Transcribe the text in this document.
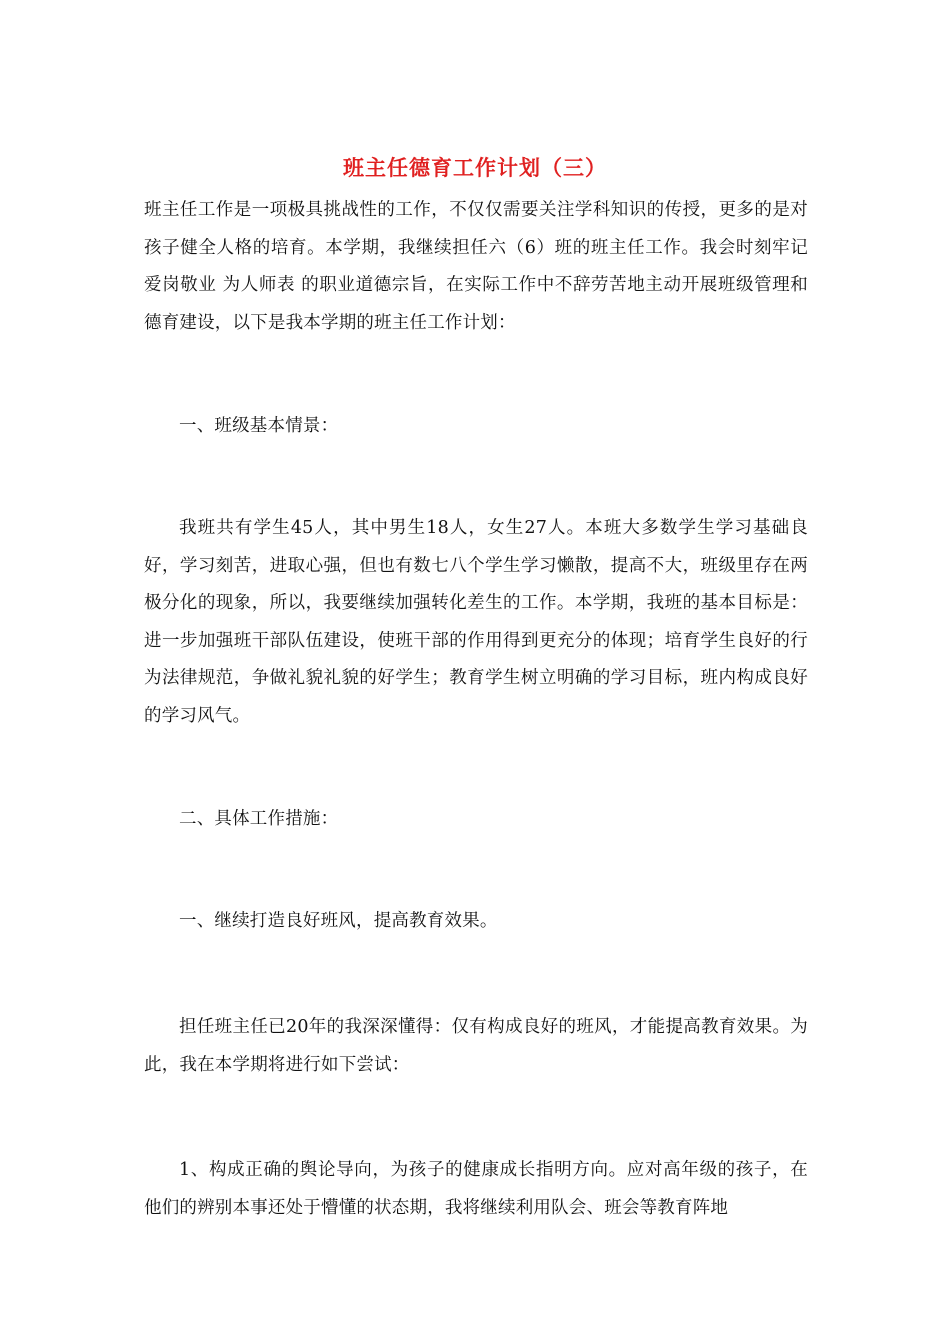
班主任德育工作计划（三）

班主任工作是一项极具挑战性的工作，不仅仅需要关注学科知识的传授，更多的是对孩子健全人格的培育。本学期，我继续担任六（6）班的班主任工作。我会时刻牢记 爱岗敬业 为人师表 的职业道德宗旨，在实际工作中不辞劳苦地主动开展班级管理和德育建设，以下是我本学期的班主任工作计划：

一、班级基本情景：

我班共有学生45人，其中男生18人，女生27人。本班大多数学生学习基础良好，学习刻苦，进取心强，但也有数七八个学生学习懒散，提高不大，班级里存在两极分化的现象，所以，我要继续加强转化差生的工作。本学期，我班的基本目标是：进一步加强班干部队伍建设，使班干部的作用得到更充分的体现；培育学生良好的行为法律规范，争做礼貌礼貌的好学生；教育学生树立明确的学习目标，班内构成良好的学习风气。

二、具体工作措施：

一、继续打造良好班风，提高教育效果。

担任班主任已20年的我深深懂得：仅有构成良好的班风，才能提高教育效果。为此，我在本学期将进行如下尝试：

1、构成正确的舆论导向，为孩子的健康成长指明方向。应对高年级的孩子，在他们的辨别本事还处于懵懂的状态期，我将继续利用队会、班会等教育阵地
